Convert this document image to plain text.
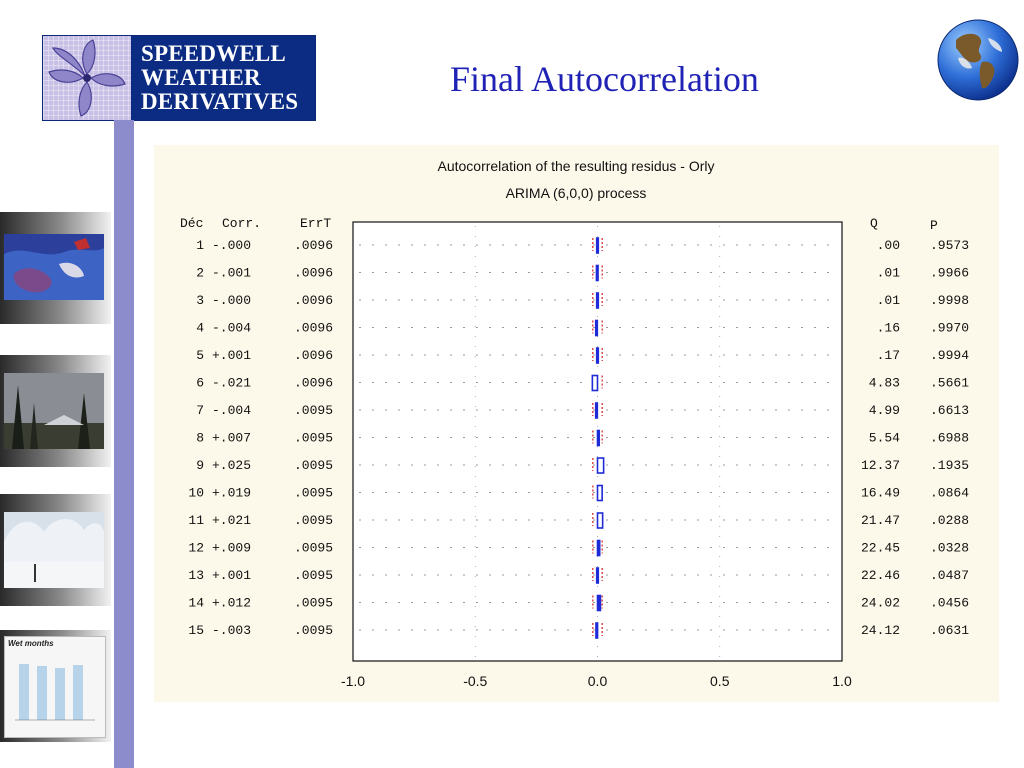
SPEEDWELL
WEATHER
DERIVATIVES
Final Autocorrelation
Wet months
Autocorrelation of the resulting residus - Orly
ARIMA (6,0,0) process
Déc Corr.	ErrT	Q	P
1 -.000	.0096	.00 .9573
2 -.001	.0096	.01 .9966
3 -.000	.0096	.01 .9998
4 -.004	.0096	.16 .9970
5 +.001	.0096	.17 .9994
6 -.021	.0096	4.83 .5661
7 -.004	.0095	4.99 .6613
8 +.007	.0095	5.54 .6988
9 +.025	.0095	12.37 .1935
10 +.019	.0095	16.49 .0864
11 +.021	.0095	21.47 .0288
12 +.009	.0095	22.45 .0328
13 +.001	.0095	22.46 .0487
14 +.012	.0095	24.02 .0456
15 -.003	.0095	24.12 .0631
-1.0	-0.5	0.0	0.5	1.0
